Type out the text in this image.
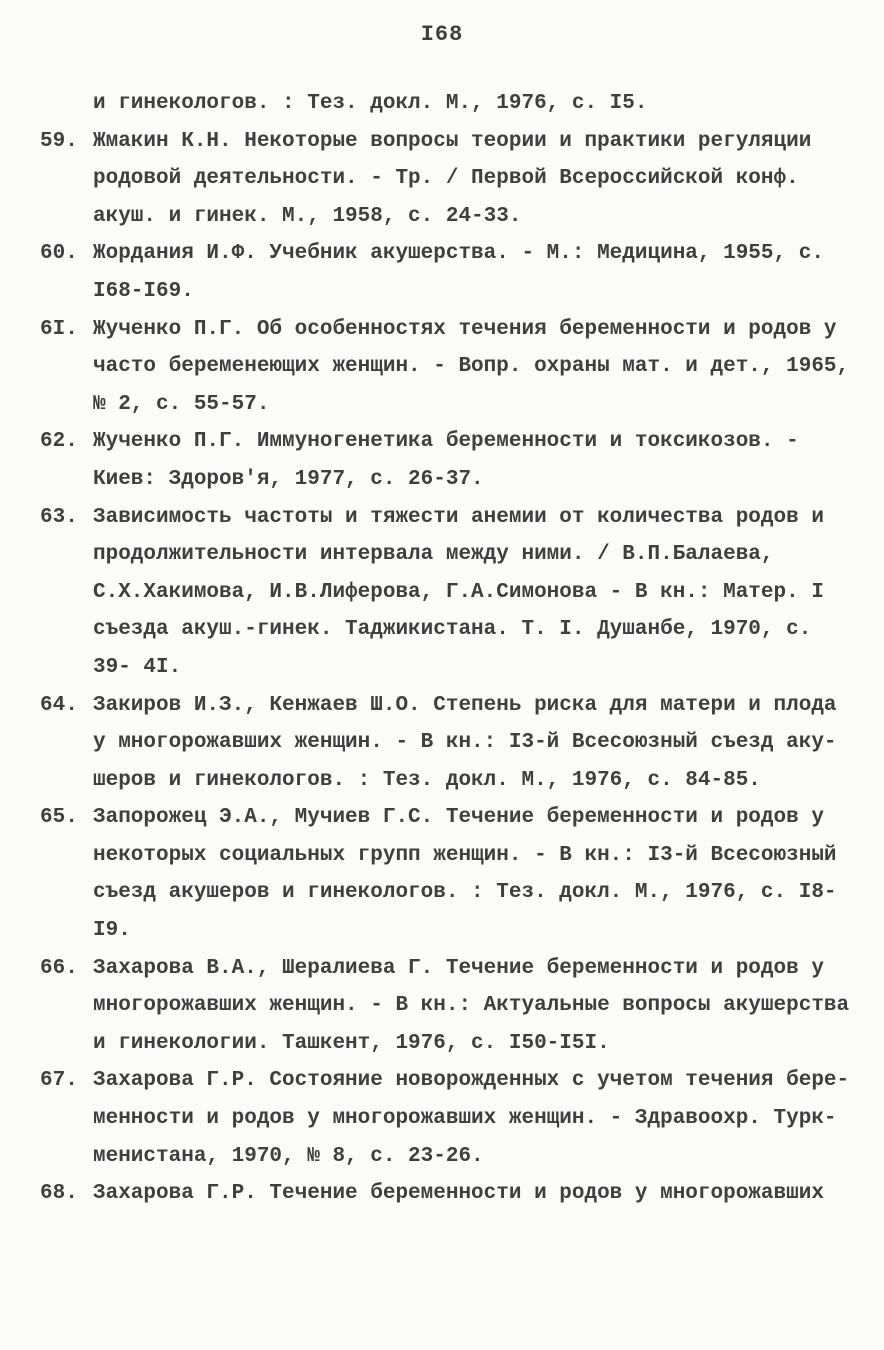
I68
и гинекологов. : Тез. докл. М., 1976, с. I5.
59. Жмакин К.Н. Некоторые вопросы теории и практики регуляции
родовой деятельности. - Тр. / Первой Всероссийской конф.
акуш. и гинек. М., 1958, с. 24-33.
60. Жордания И.Ф. Учебник акушерства. - М.: Медицина, 1955, с.
I68-I69.
6I. Жученко П.Г. Об особенностях течения беременности и родов у
часто беременеющих женщин. - Вопр. охраны мат. и дет., 1965,
№ 2, с. 55-57.
62. Жученко П.Г. Иммуногенетика беременности и токсикозов. -
Киев: Здоров'я, 1977, с. 26-37.
63. Зависимость частоты и тяжести анемии от количества родов и
продолжительности интервала между ними. / В.П.Балаева,
С.Х.Хакимова, И.В.Лиферова, Г.А.Симонова - В кн.: Матер. I
съезда акуш.-гинек. Таджикистана. Т. I. Душанбе, 1970, с.
39- 4I.
64. Закиров И.З., Кенжаев Ш.О. Степень риска для матери и плода
у многорожавших женщин. - В кн.: I3-й Всесоюзный съезд аку-
шеров и гинекологов. : Тез. докл. М., 1976, с. 84-85.
65. Запорожец Э.А., Мучиев Г.С. Течение беременности и родов у
некоторых социальных групп женщин. - В кн.: I3-й Всесоюзный
съезд акушеров и гинекологов. : Тез. докл. М., 1976, с. I8-
I9.
66. Захарова В.А., Шералиева Г. Течение беременности и родов у
многорожавших женщин. - В кн.: Актуальные вопросы акушерства
и гинекологии. Ташкент, 1976, с. I50-I5I.
67. Захарова Г.Р. Состояние новорожденных с учетом течения бере-
менности и родов у многорожавших женщин. - Здравоохр. Турк-
менистана, 1970, № 8, с. 23-26.
68. Захарова Г.Р. Течение беременности и родов у многорожавших
